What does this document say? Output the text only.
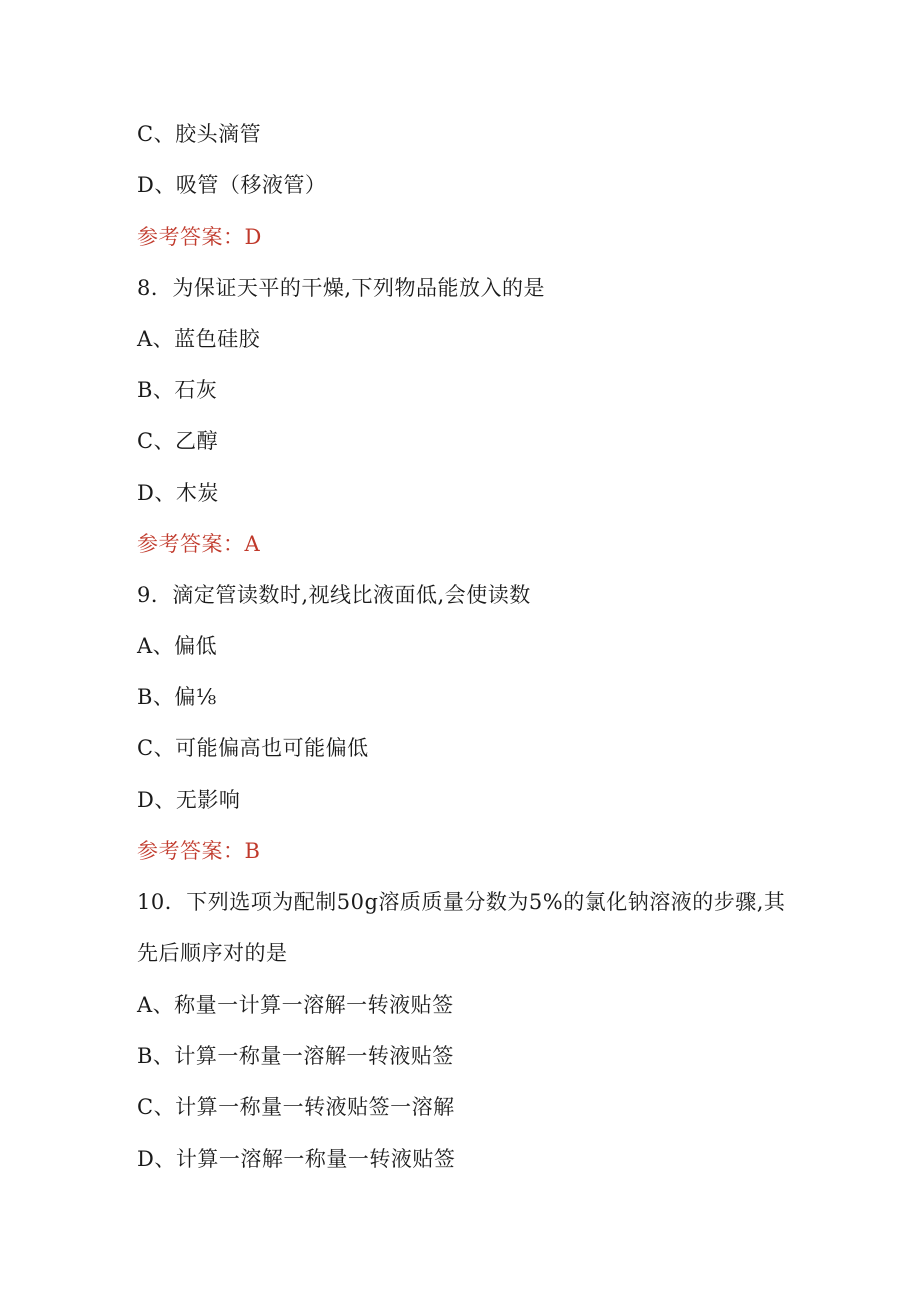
C、胶头滴管
D、吸管（移液管）
参考答案：D
8．为保证天平的干燥,下列物品能放入的是
A、蓝色硅胶
B、石灰
C、乙醇
D、木炭
参考答案：A
9．滴定管读数时,视线比液面低,会使读数
A、偏低
B、偏⅛
C、可能偏高也可能偏低
D、无影响
参考答案：B
10．下列选项为配制50g溶质质量分数为5%的氯化钠溶液的步骤,其
先后顺序对的是
A、称量一计算一溶解一转液贴签
B、计算一称量一溶解一转液贴签
C、计算一称量一转液贴签一溶解
D、计算一溶解一称量一转液贴签
